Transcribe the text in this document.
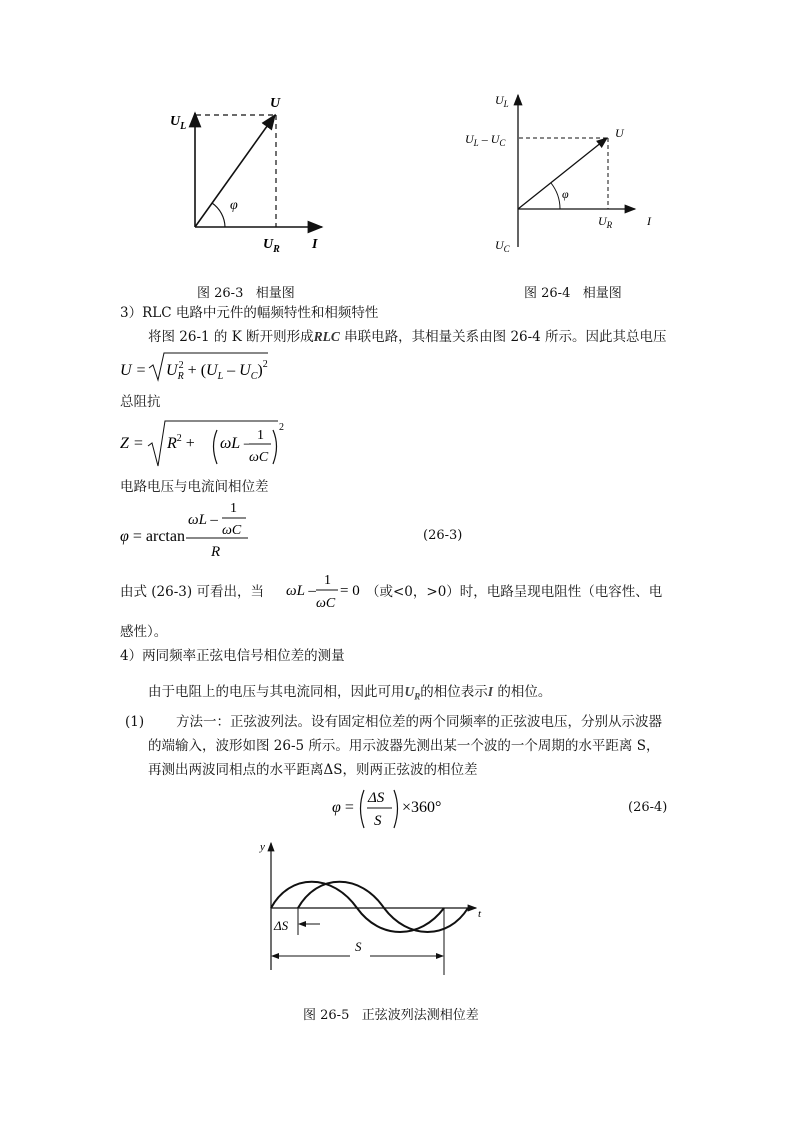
U
$U_L$
φ
$U_R$ I
图 26-3   相量图
$U_L$
$U_L - U_C$
U
φ
$U_R$	I
$U_C$
图 26-4   相量图
3）RLC 电路中元件的幅频特性和相频特性
将图 26-1 的 K 断开则形成RLC 串联电路，其相量关系由图 26-4 所示。因此其总电压
$U = U^2$ $R + (U_L - U_C)^2$
总阻抗
$Z = R^2 + \omega L - 1$
ωC
2
电路电压与电流间相位差
φ = arctan
ωL –
1
ωC
R
(26-3)
由式 (26-3) 可看出，当 ωL –
1
ωC
= 0 （或<0，>0）时，电路呈现电阻性（电容性、电
感性）。
4）两同频率正弦电信号相位差的测量
由于电阻上的电压与其电流同相，因此可用$U_R$的相位表示I 的相位。
(1) 方法一：正弦波列法。设有固定相位差的两个同频率的正弦波电压，分别从示波器
的端输入，波形如图 26-5 所示。用示波器先测出某一个波的一个周期的水平距离 S，
再测出两波同相点的水平距离ΔS，则两正弦波的相位差
φ =
ΔS
S
×360°	(26-4)
y
t
ΔS
S
图 26-5   正弦波列法测相位差
